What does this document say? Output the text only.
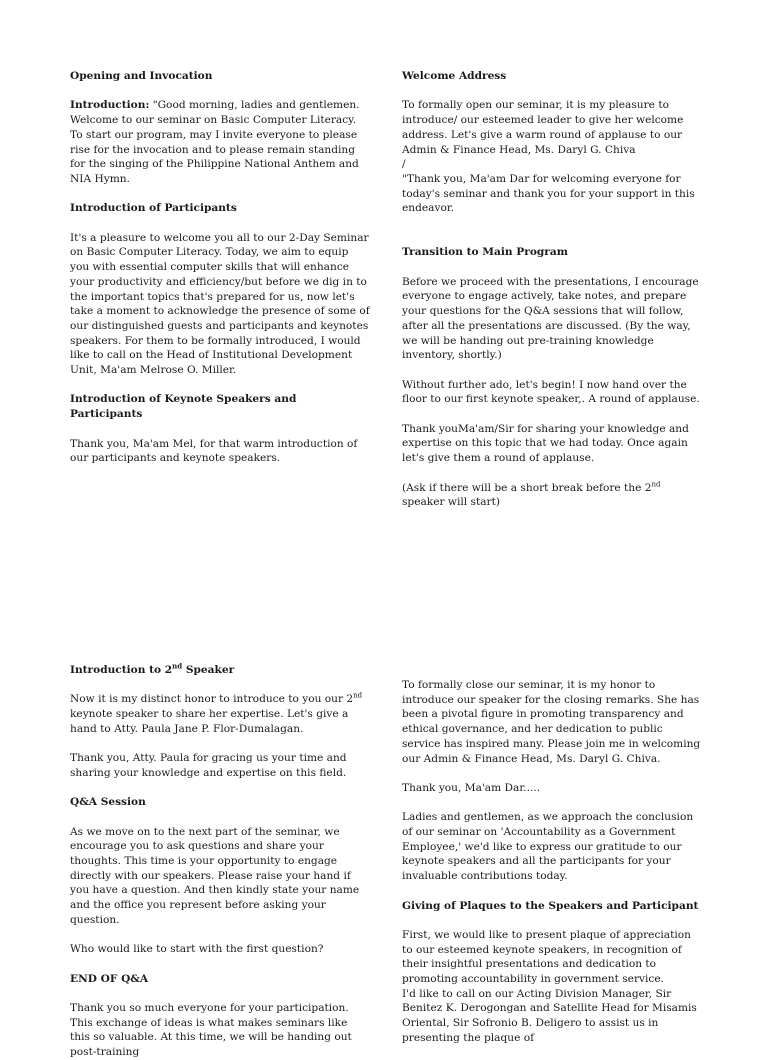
Opening and Invocation

Introduction: "Good morning, ladies and gentlemen. Welcome to our seminar on Basic Computer Literacy.

To start our program, may I invite everyone to please rise for the invocation and to please remain standing for the singing of the Philippine National Anthem and NIA Hymn.

Introduction of Participants

It's a pleasure to welcome you all to our 2-Day Seminar on Basic Computer Literacy. Today, we aim to equip you with essential computer skills that will enhance your productivity and efficiency/but before we dig in to the important topics that's prepared for us, now let's take a moment to acknowledge the presence of some of our distinguished guests and participants and keynotes speakers. For them to be formally introduced, I would like to call on the Head of Institutional Development Unit, Ma'am Melrose O. Miller.

Introduction of Keynote Speakers and Participants

Thank you, Ma'am Mel, for that warm introduction of our participants and keynote speakers.

Welcome Address

To formally open our seminar, it is my pleasure to introduce/ our esteemed leader to give her welcome address. Let's give a warm round of applause to our Admin & Finance Head, Ms. Daryl G. Chiva

/

"Thank you, Ma'am Dar for welcoming everyone for today's seminar and thank you for your support in this endeavor.

Transition to Main Program

Before we proceed with the presentations, I encourage everyone to engage actively, take notes, and prepare your questions for the Q&A sessions that will follow, after all the presentations are discussed. (By the way, we will be handing out pre-training knowledge inventory, shortly.)

Without further ado, let's begin! I now hand over the floor to our first keynote speaker,. A round of applause.

Thank youMa'am/Sir for sharing your knowledge and expertise on this topic that we had today. Once again let's give them a round of applause.

(Ask if there will be a short break before the 2nd speaker will start)

Introduction to 2nd Speaker

Now it is my distinct honor to introduce to you our 2nd keynote speaker to share her expertise. Let's give a hand to Atty. Paula Jane P. Flor-Dumalagan.

Thank you, Atty. Paula for gracing us your time and sharing your knowledge and expertise on this field.

Q&A Session

As we move on to the next part of the seminar, we encourage you to ask questions and share your thoughts. This time is your opportunity to engage directly with our speakers. Please raise your hand if you have a question. And then kindly state your name and the office you represent before asking your question.

Who would like to start with the first question?

END OF Q&A

Thank you so much everyone for your participation. This exchange of ideas is what makes seminars like this so valuable. At this time, we will be handing out post-training

To formally close our seminar, it is my honor to introduce our speaker for the closing remarks. She has been a pivotal figure in promoting transparency and ethical governance, and her dedication to public service has inspired many. Please join me in welcoming our Admin & Finance Head, Ms. Daryl G. Chiva.

Thank you, Ma'am Dar.....

Ladies and gentlemen, as we approach the conclusion of our seminar on 'Accountability as a Government Employee,' we'd like to express our gratitude to our keynote speakers and all the participants for your invaluable contributions today.

Giving of Plaques to the Speakers and Participant

First, we would like to present plaque of appreciation to our esteemed keynote speakers, in recognition of their insightful presentations and dedication to promoting accountability in government service.

I'd like to call on our Acting Division Manager, Sir Benitez K. Derogongan and Satellite Head for Misamis Oriental, Sir Sofronio B. Deligero to assist us in presenting the plaque of
